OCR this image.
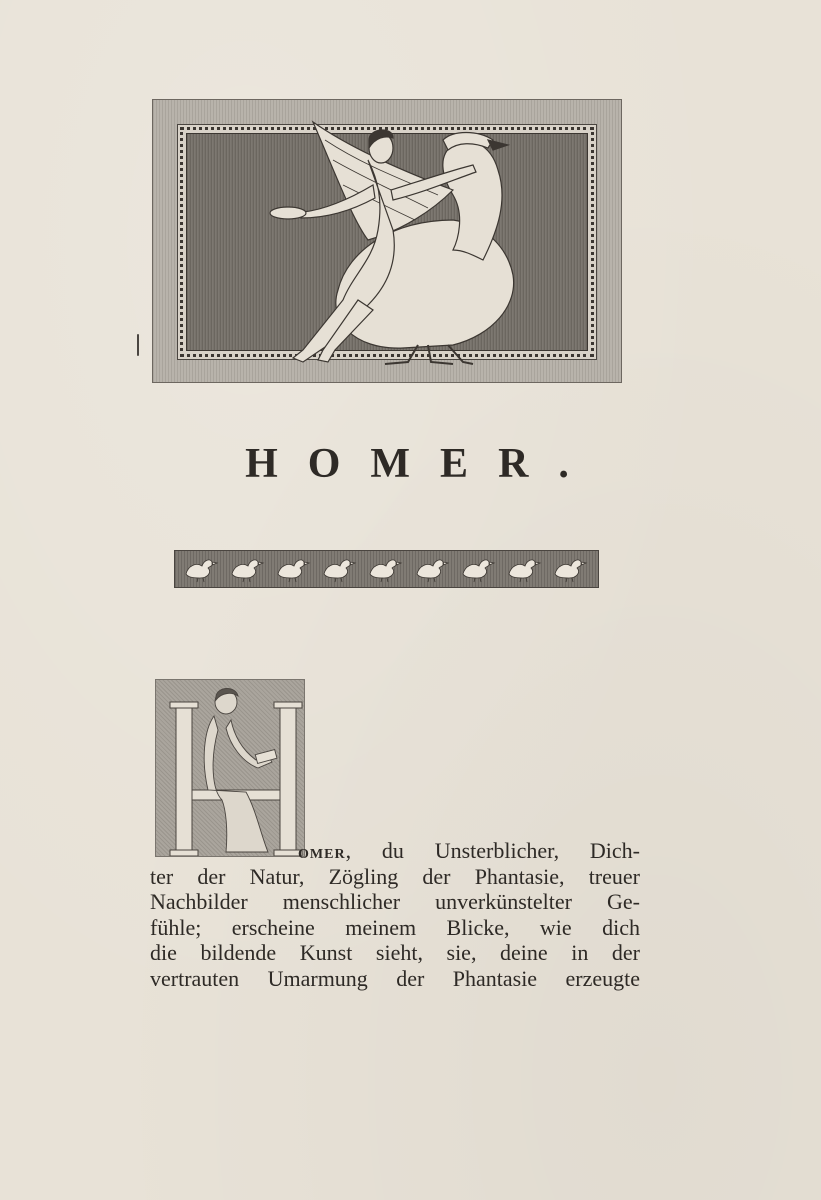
HOMER.
omer, du Unsterblicher, Dich-
ter der Natur, Zögling der Phantasie, treuer
Nachbilder menschlicher unverkünstelter Ge-
fühle; erscheine meinem Blicke, wie dich
die bildende Kunst sieht, sie, deine in der
vertrauten Umarmung der Phantasie erzeugte
